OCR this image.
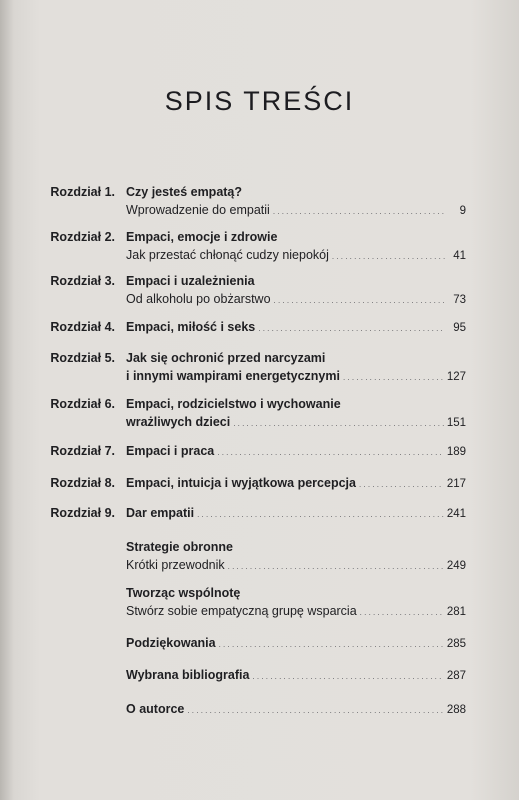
SPIS TREŚCI
Rozdział 1. Czy jesteś empatą?
Wprowadzenie do empatii . . .	9
Rozdział 2. Empaci, emocje i zdrowie
Jak przestać chłonąć cudzy niepokój . . .	41
Rozdział 3. Empaci i uzależnienia
Od alkoholu po obżarstwo . . .	73
Rozdział 4. Empaci, miłość i seks . . .	95
Rozdział 5. Jak się ochronić przed narcyzami
i innymi wampirami energetycznymi . . .	127
Rozdział 6. Empaci, rodzicielstwo i wychowanie
wrażliwych dzieci . . .	151
Rozdział 7. Empaci i praca . . .	189
Rozdział 8. Empaci, intuicja i wyjątkowa percepcja . . .	217
Rozdział 9. Dar empatii . . .	241
Strategie obronne
Krótki przewodnik . . .	249
Tworząc wspólnotę
Stwórz sobie empatyczną grupę wsparcia . . .	281
Podziękowania . . .	285
Wybrana bibliografia . . .	287
O autorce . . .	288
